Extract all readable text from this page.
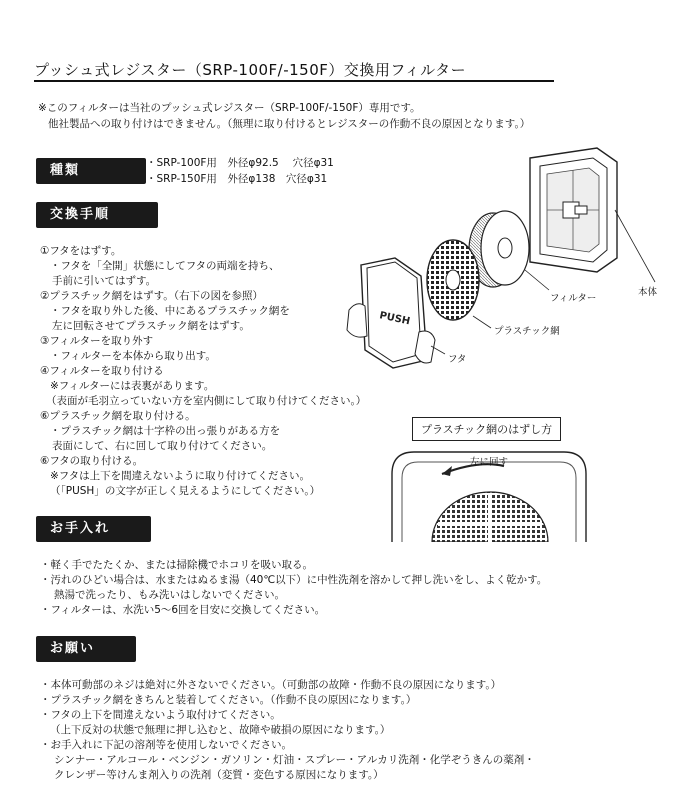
プッシュ式レジスター（SRP-100F/-150F）交換用フィルター
※このフィルターは当社のプッシュ式レジスター（SRP-100F/-150F）専用です。
他社製品への取り付けはできません。（無理に取り付けるとレジスターの作動不良の原因となります。）
種類	・SRP-100F用　外径φ92.5　 穴径φ31
・SRP-150F用　外径φ138　穴径φ31
交換手順
①フタをはずす。
・フタを「全開」状態にしてフタの両端を持ち、
手前に引いてはずす。
②プラスチック網をはずす。（右下の図を参照）
・フタを取り外した後、中にあるプラスチック網を
左に回転させてプラスチック網をはずす。
③フィルターを取り外す
・フィルターを本体から取り出す。
④フィルターを取り付ける
※フィルターには表裏があります。
（表面が毛羽立っていない方を室内側にして取り付けてください。）
⑥プラスチック網を取り付ける。
・プラスチック網は十字枠の出っ張りがある方を
表面にして、右に回して取り付けてください。
⑥フタの取り付ける。
※フタは上下を間違えないように取り付けてください。
（「PUSH」の文字が正しく見えるようにしてください。）
PUSH
本体
フィルター
プラスチック網
フタ
プラスチック網のはずし方
左に回す
お手入れ
・軽く手でたたくか、または掃除機でホコリを吸い取る。
・汚れのひどい場合は、水またはぬるま湯（40℃以下）に中性洗剤を溶かして押し洗いをし、よく乾かす。
熱湯で洗ったり、もみ洗いはしないでください。
・フィルターは、水洗い5～6回を目安に交換してください。
お願い
・本体可動部のネジは絶対に外さないでください。（可動部の故障・作動不良の原因になります。）
・プラスチック網をきちんと装着してください。（作動不良の原因になります。）
・フタの上下を間違えないよう取付けてください。
（上下反対の状態で無理に押し込むと、故障や破損の原因になります。）
・お手入れに下記の溶剤等を使用しないでください。
シンナー・アルコール・ベンジン・ガソリン・灯油・スプレー・アルカリ洗剤・化学ぞうきんの薬剤・
クレンザー等けんま剤入りの洗剤（変質・変色する原因になります。）
